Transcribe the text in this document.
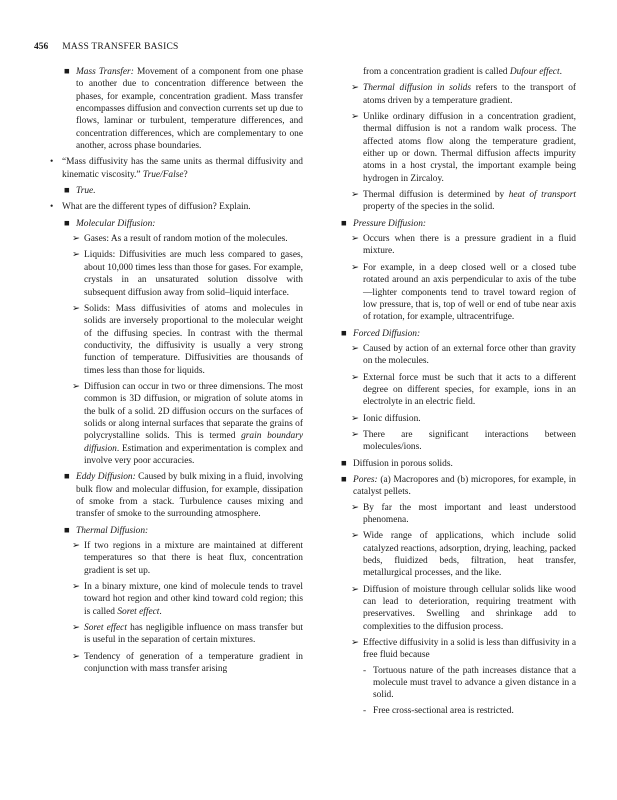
456 MASS TRANSFER BASICS
■ Mass Transfer: Movement of a component from one phase to another due to concentration difference between the phases, for example, concentration gradient. Mass transfer encompasses diffusion and convection currents set up due to flows, laminar or turbulent, temperature differences, and concentration differences, which are complementary to one another, across phase boundaries.
• “Mass diffusivity has the same units as thermal diffusivity and kinematic viscosity.” True/False?
■ True.
• What are the different types of diffusion? Explain.
■ Molecular Diffusion:
➢ Gases: As a result of random motion of the molecules.
➢ Liquids: Diffusivities are much less compared to gases, about 10,000 times less than those for gases. For example, crystals in an unsaturated solution dissolve with subsequent diffusion away from solid–liquid interface.
➢ Solids: Mass diffusivities of atoms and molecules in solids are inversely proportional to the molecular weight of the diffusing species. In contrast with the thermal conductivity, the diffusivity is usually a very strong function of temperature. Diffusivities are thousands of times less than those for liquids.
➢ Diffusion can occur in two or three dimensions. The most common is 3D diffusion, or migration of solute atoms in the bulk of a solid. 2D diffusion occurs on the surfaces of solids or along internal surfaces that separate the grains of polycrystalline solids. This is termed grain boundary diffusion. Estimation and experimentation is complex and involve very poor accuracies.
■ Eddy Diffusion: Caused by bulk mixing in a fluid, involving bulk flow and molecular diffusion, for example, dissipation of smoke from a stack. Turbulence causes mixing and transfer of smoke to the surrounding atmosphere.
■ Thermal Diffusion:
➢ If two regions in a mixture are maintained at different temperatures so that there is heat flux, concentration gradient is set up.
➢ In a binary mixture, one kind of molecule tends to travel toward hot region and other kind toward cold region; this is called Soret effect.
➢ Soret effect has negligible influence on mass transfer but is useful in the separation of certain mixtures.
➢ Tendency of generation of a temperature gradient in conjunction with mass transfer arising
from a concentration gradient is called Dufour effect.
➢ Thermal diffusion in solids refers to the transport of atoms driven by a temperature gradient.
➢ Unlike ordinary diffusion in a concentration gradient, thermal diffusion is not a random walk process. The affected atoms flow along the temperature gradient, either up or down. Thermal diffusion affects impurity atoms in a host crystal, the important example being hydrogen in Zircaloy.
➢ Thermal diffusion is determined by heat of transport property of the species in the solid.
■ Pressure Diffusion:
➢ Occurs when there is a pressure gradient in a fluid mixture.
➢ For example, in a deep closed well or a closed tube rotated around an axis perpendicular to axis of the tube—lighter components tend to travel toward region of low pressure, that is, top of well or end of tube near axis of rotation, for example, ultracentrifuge.
■ Forced Diffusion:
➢ Caused by action of an external force other than gravity on the molecules.
➢ External force must be such that it acts to a different degree on different species, for example, ions in an electrolyte in an electric field.
➢ Ionic diffusion.
➢ There are significant interactions between molecules/ions.
■ Diffusion in porous solids.
■ Pores: (a) Macropores and (b) micropores, for example, in catalyst pellets.
➢ By far the most important and least understood phenomena.
➢ Wide range of applications, which include solid catalyzed reactions, adsorption, drying, leaching, packed beds, fluidized beds, filtration, heat transfer, metallurgical processes, and the like.
➢ Diffusion of moisture through cellular solids like wood can lead to deterioration, requiring treatment with preservatives. Swelling and shrinkage add to complexities to the diffusion process.
➢ Effective diffusivity in a solid is less than diffusivity in a free fluid because
- Tortuous nature of the path increases distance that a molecule must travel to advance a given distance in a solid.
- Free cross-sectional area is restricted.
